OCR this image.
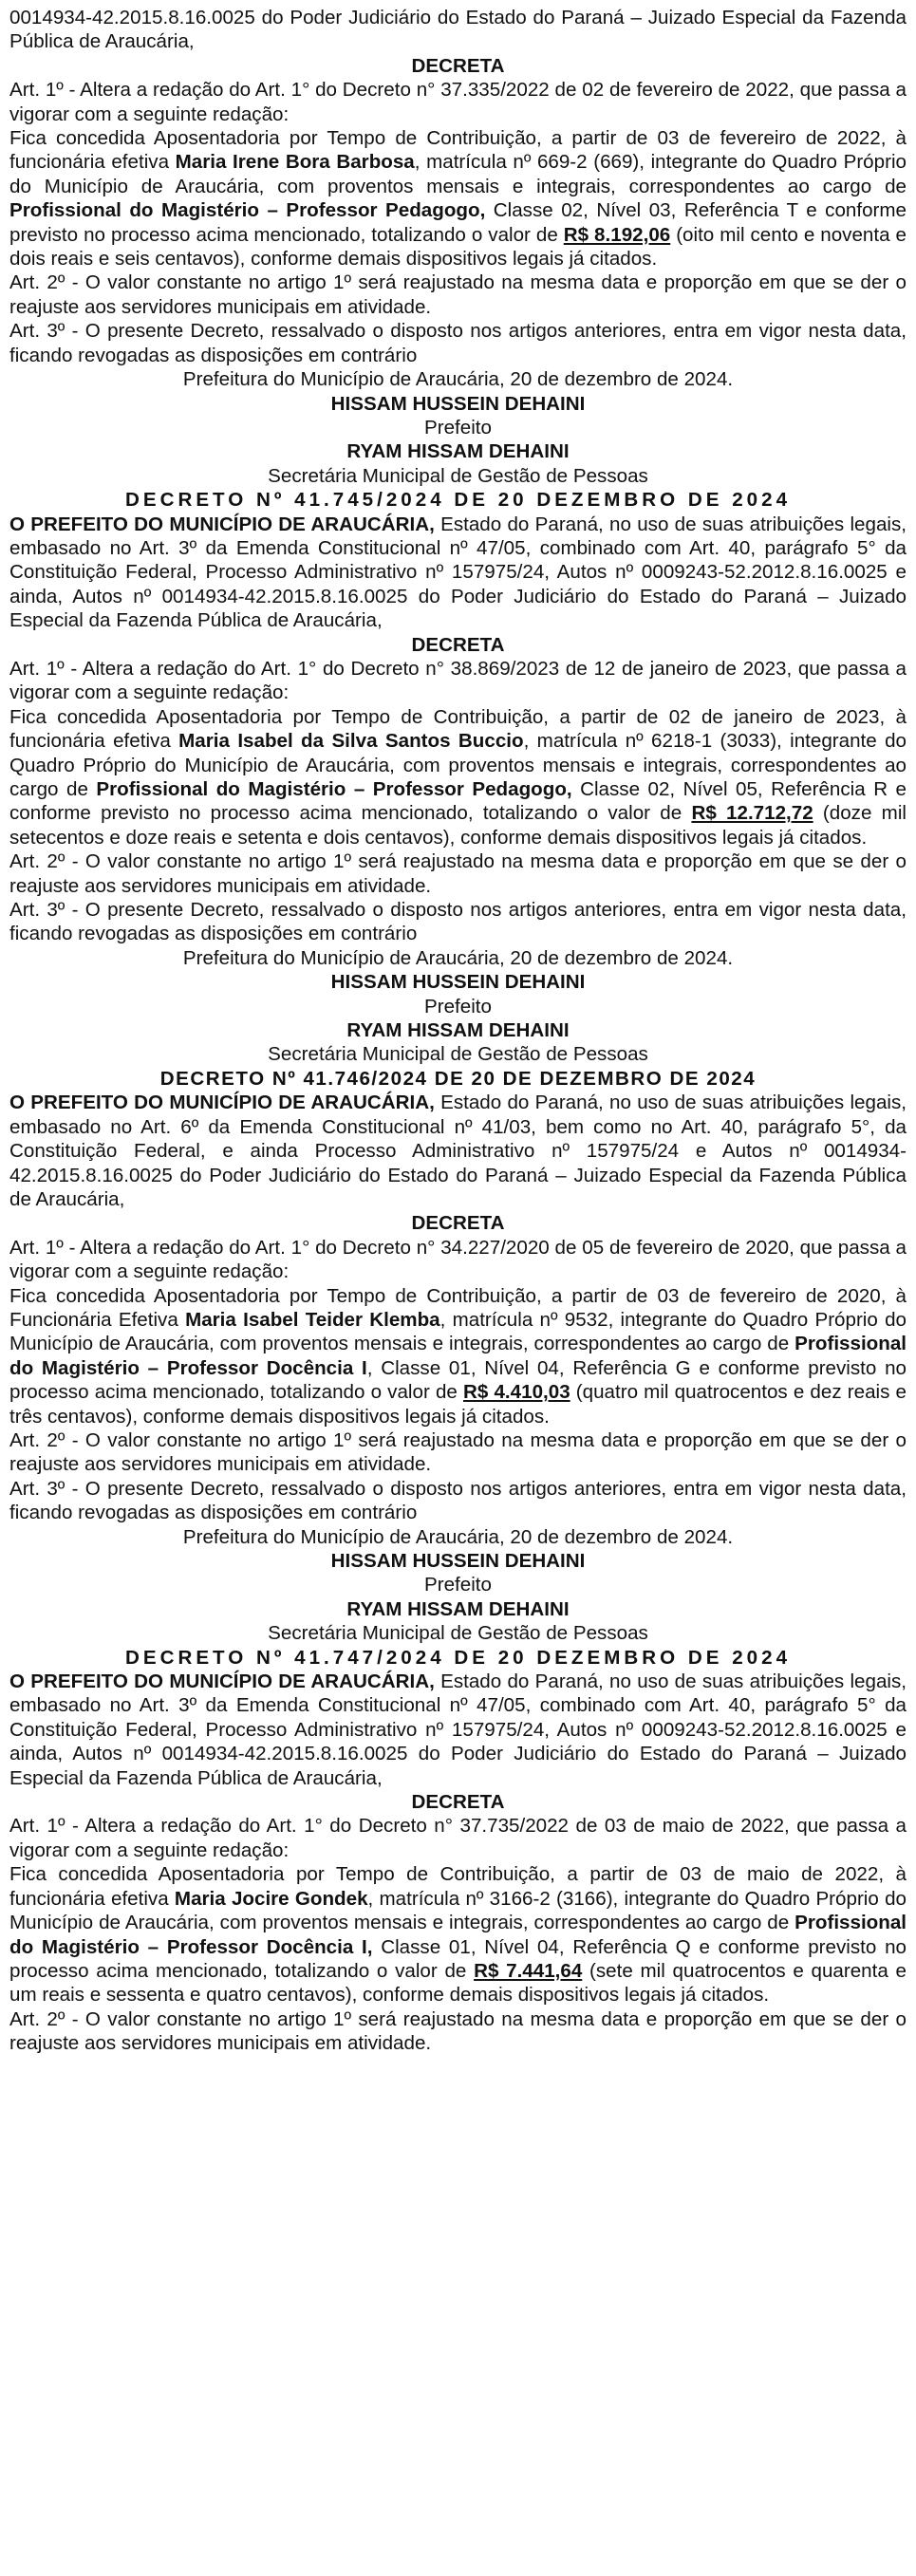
0014934-42.2015.8.16.0025 do Poder Judiciário do Estado do Paraná – Juizado Especial da Fazenda Pública de Araucária,

DECRETA

Art. 1º - Altera a redação do Art. 1° do Decreto n° 37.335/2022 de 02 de fevereiro de 2022, que passa a vigorar com a seguinte redação:

Fica concedida Aposentadoria por Tempo de Contribuição, a partir de 03 de fevereiro de 2022, à funcionária efetiva Maria Irene Bora Barbosa, matrícula nº 669-2 (669), integrante do Quadro Próprio do Município de Araucária, com proventos mensais e integrais, correspondentes ao cargo de Profissional do Magistério – Professor Pedagogo, Classe 02, Nível 03, Referência T e conforme previsto no processo acima mencionado, totalizando o valor de R$ 8.192,06 (oito mil cento e noventa e dois reais e seis centavos), conforme demais dispositivos legais já citados.

Art. 2º - O valor constante no artigo 1º será reajustado na mesma data e proporção em que se der o reajuste aos servidores municipais em atividade.

Art. 3º - O presente Decreto, ressalvado o disposto nos artigos anteriores, entra em vigor nesta data, ficando revogadas as disposições em contrário

Prefeitura do Município de Araucária, 20 de dezembro de 2024.

HISSAM HUSSEIN DEHAINI

Prefeito

RYAM HISSAM DEHAINI

Secretária Municipal de Gestão de Pessoas

DECRETO Nº 41.745/2024 DE 20 DEZEMBRO DE 2024

O PREFEITO DO MUNICÍPIO DE ARAUCÁRIA, Estado do Paraná, no uso de suas atribuições legais, embasado no Art. 3º da Emenda Constitucional nº 47/05, combinado com Art. 40, parágrafo 5° da Constituição Federal, Processo Administrativo nº 157975/24, Autos nº 0009243-52.2012.8.16.0025 e ainda, Autos nº 0014934-42.2015.8.16.0025 do Poder Judiciário do Estado do Paraná – Juizado Especial da Fazenda Pública de Araucária,

DECRETA

Art. 1º - Altera a redação do Art. 1° do Decreto n° 38.869/2023 de 12 de janeiro de 2023, que passa a vigorar com a seguinte redação:

Fica concedida Aposentadoria por Tempo de Contribuição, a partir de 02 de janeiro de 2023, à funcionária efetiva Maria Isabel da Silva Santos Buccio, matrícula nº 6218-1 (3033), integrante do Quadro Próprio do Município de Araucária, com proventos mensais e integrais, correspondentes ao cargo de Profissional do Magistério – Professor Pedagogo, Classe 02, Nível 05, Referência R e conforme previsto no processo acima mencionado, totalizando o valor de R$ 12.712,72 (doze mil setecentos e doze reais e setenta e dois centavos), conforme demais dispositivos legais já citados.

Art. 2º - O valor constante no artigo 1º será reajustado na mesma data e proporção em que se der o reajuste aos servidores municipais em atividade.

Art. 3º - O presente Decreto, ressalvado o disposto nos artigos anteriores, entra em vigor nesta data, ficando revogadas as disposições em contrário

Prefeitura do Município de Araucária, 20 de dezembro de 2024.

HISSAM HUSSEIN DEHAINI

Prefeito

RYAM HISSAM DEHAINI

Secretária Municipal de Gestão de Pessoas

DECRETO Nº 41.746/2024 DE 20 DE DEZEMBRO DE 2024

O PREFEITO DO MUNICÍPIO DE ARAUCÁRIA, Estado do Paraná, no uso de suas atribuições legais, embasado no Art. 6º da Emenda Constitucional nº 41/03, bem como no Art. 40, parágrafo 5°, da Constituição Federal, e ainda Processo Administrativo nº 157975/24 e Autos nº 0014934-42.2015.8.16.0025 do Poder Judiciário do Estado do Paraná – Juizado Especial da Fazenda Pública de Araucária,

DECRETA

Art. 1º - Altera a redação do Art. 1° do Decreto n° 34.227/2020 de 05 de fevereiro de 2020, que passa a vigorar com a seguinte redação:

Fica concedida Aposentadoria por Tempo de Contribuição, a partir de 03 de fevereiro de 2020, à Funcionária Efetiva Maria Isabel Teider Klemba, matrícula nº 9532, integrante do Quadro Próprio do Município de Araucária, com proventos mensais e integrais, correspondentes ao cargo de Profissional do Magistério – Professor Docência I, Classe 01, Nível 04, Referência G e conforme previsto no processo acima mencionado, totalizando o valor de R$ 4.410,03 (quatro mil quatrocentos e dez reais e três centavos), conforme demais dispositivos legais já citados.

Art. 2º - O valor constante no artigo 1º será reajustado na mesma data e proporção em que se der o reajuste aos servidores municipais em atividade.

Art. 3º - O presente Decreto, ressalvado o disposto nos artigos anteriores, entra em vigor nesta data, ficando revogadas as disposições em contrário

Prefeitura do Município de Araucária, 20 de dezembro de 2024.

HISSAM HUSSEIN DEHAINI

Prefeito

RYAM HISSAM DEHAINI

Secretária Municipal de Gestão de Pessoas

DECRETO Nº 41.747/2024 DE 20 DEZEMBRO DE 2024

O PREFEITO DO MUNICÍPIO DE ARAUCÁRIA, Estado do Paraná, no uso de suas atribuições legais, embasado no Art. 3º da Emenda Constitucional nº 47/05, combinado com Art. 40, parágrafo 5° da Constituição Federal, Processo Administrativo nº 157975/24, Autos nº 0009243-52.2012.8.16.0025 e ainda, Autos nº 0014934-42.2015.8.16.0025 do Poder Judiciário do Estado do Paraná – Juizado Especial da Fazenda Pública de Araucária,

DECRETA

Art. 1º - Altera a redação do Art. 1° do Decreto n° 37.735/2022 de 03 de maio de 2022, que passa a vigorar com a seguinte redação:

Fica concedida Aposentadoria por Tempo de Contribuição, a partir de 03 de maio de 2022, à funcionária efetiva Maria Jocire Gondek, matrícula nº 3166-2 (3166), integrante do Quadro Próprio do Município de Araucária, com proventos mensais e integrais, correspondentes ao cargo de Profissional do Magistério – Professor Docência I, Classe 01, Nível 04, Referência Q e conforme previsto no processo acima mencionado, totalizando o valor de R$ 7.441,64 (sete mil quatrocentos e quarenta e um reais e sessenta e quatro centavos), conforme demais dispositivos legais já citados.

Art. 2º - O valor constante no artigo 1º será reajustado na mesma data e proporção em que se der o reajuste aos servidores municipais em atividade.
